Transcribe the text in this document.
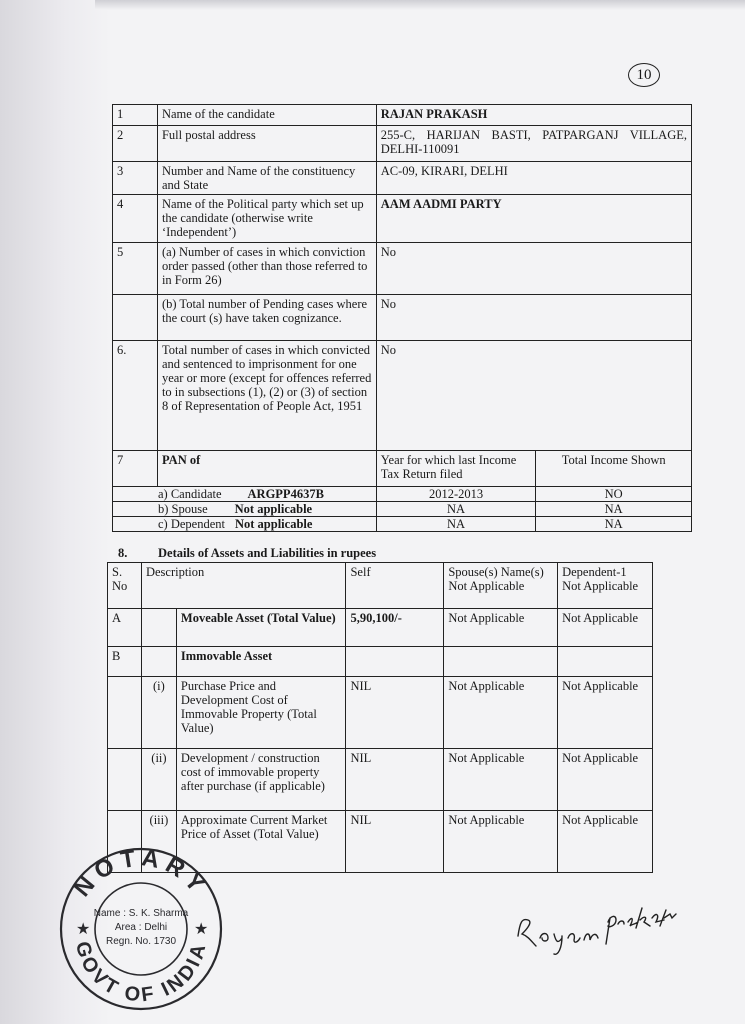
10
1	Name of the candidate	RAJAN PRAKASH	
2	Full postal address	255-C, HARIJAN BASTI, PATPARGANJ VILLAGE, DELHI-110091	
3	Number and Name of the constituency and State	AC-09, KIRARI, DELHI	
4	Name of the Political party which set up the candidate (otherwise write ‘Independent’)	AAM AADMI PARTY	
5	(a) Number of cases in which conviction order passed (other than those referred to in Form 26)	No	
	(b) Total number of Pending cases where the court (s) have taken cognizance.	No	
6.	Total number of cases in which convicted and sentenced to imprisonment for one year or more (except for offences referred to in subsections (1), (2) or (3) of section 8 of Representation of People Act, 1951	No	
7	PAN of	Year for which last Income Tax Return filed	Total Income Shown
a) Candidate ARGPP4637B		2012-2013	NO
b) Spouse Not applicable		NA	NA
c) Dependent Not applicable		NA	NA
8. Details of Assets and Liabilities in rupees
S. No	Description		Self	Spouse(s) Name(s) Not Applicable	Dependent-1 Not Applicable
A		Moveable Asset (Total Value)	5,90,100/-	Not Applicable	Not Applicable
B		Immovable Asset			
	(i)	Purchase Price and Development Cost of Immovable Property (Total Value)	NIL	Not Applicable	Not Applicable
	(ii)	Development / construction cost of immovable property after purchase (if applicable)	NIL	Not Applicable	Not Applicable
	(iii)	Approximate Current Market Price of Asset (Total Value)	NIL	Not Applicable	Not Applicable
NOTARY
GOVT OF INDIA
★	★
Name : S. K. Sharma
Area : Delhi
Regn. No. 1730
